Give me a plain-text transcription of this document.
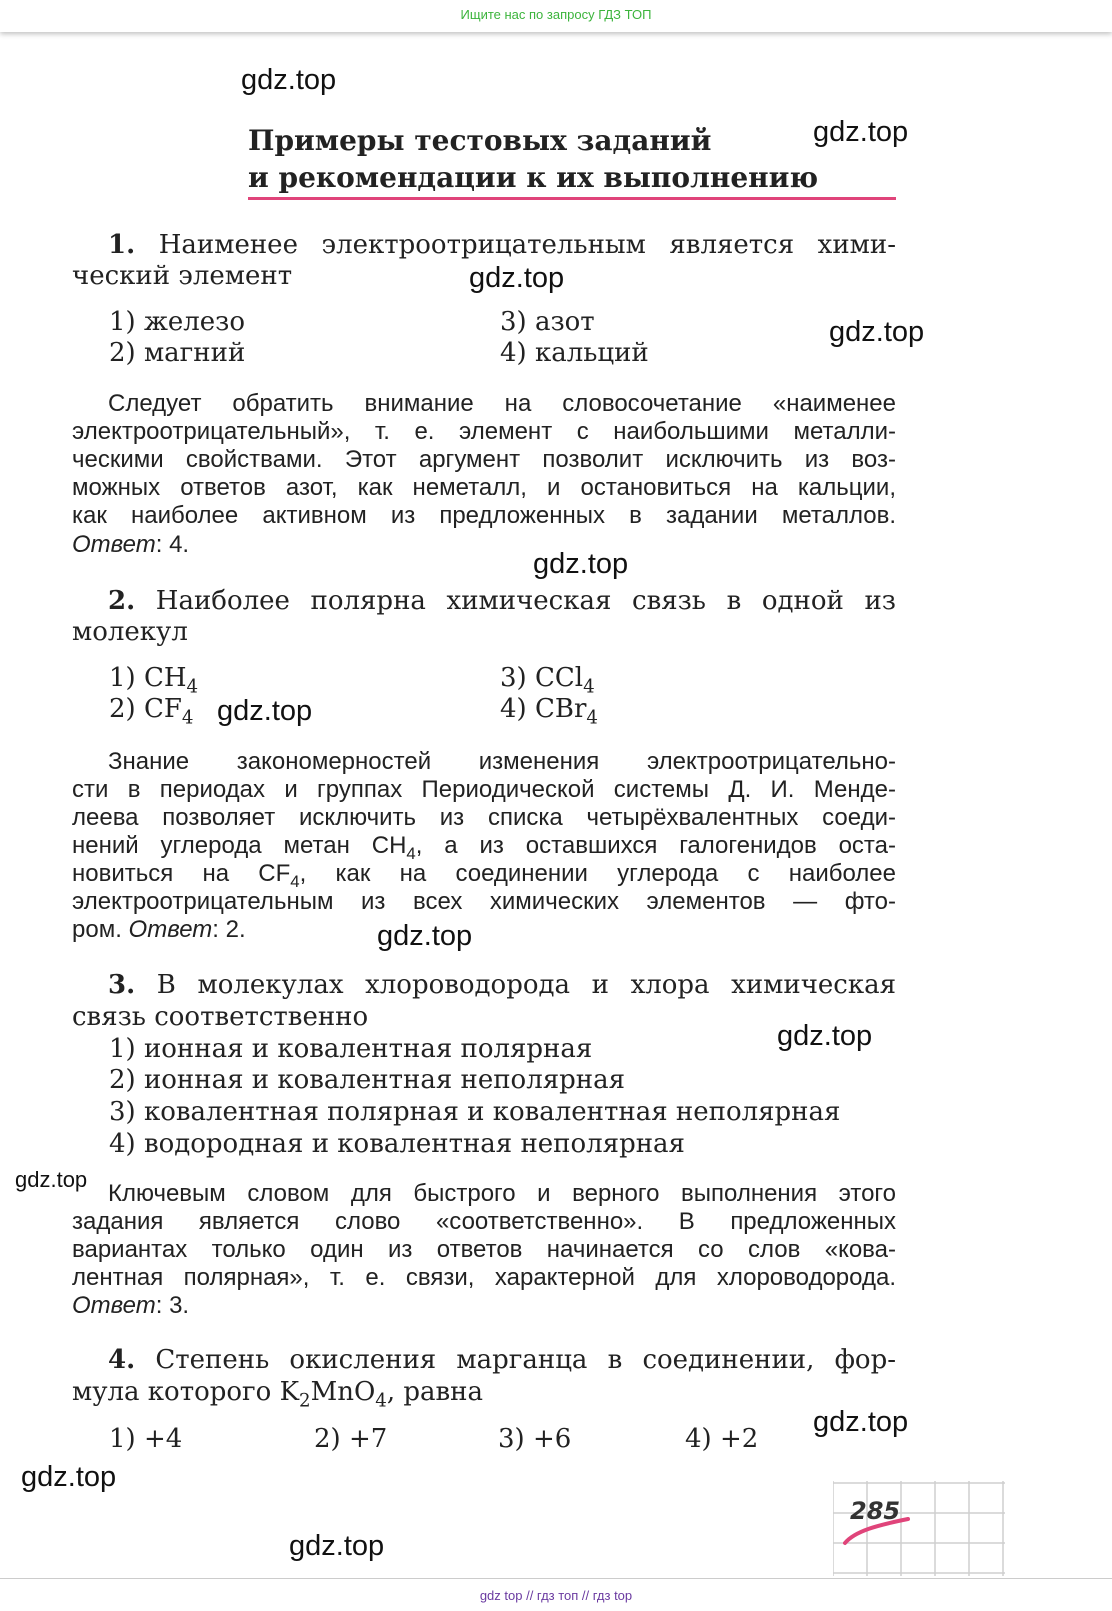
Ищите нас по запросу ГДЗ ТОП
gdz.top
gdz.top
gdz.top
gdz.top
gdz.top
gdz.top
gdz.top
gdz.top
gdz.top
gdz.top
gdz.top
gdz.top
Примеры тестовых заданий
и рекомендации к их выполнению
1. Наименее электроотрицательным является хими-
ческий элемент
1) железо
2) магний
3) азот
4) кальций
Следует обратить внимание на словосочетание «наименее
электроотрицательный», т. е. элемент с наибольшими металли-
ческими свойствами. Этот аргумент позволит исключить из воз-
можных ответов азот, как неметалл, и остановиться на кальции,
как наиболее активном из предложенных в задании металлов.
Ответ: 4.
2. Наиболее полярна химическая связь в одной из
молекул
1) $CH_4$
2) $CF_4$
3) CCl$_4$
4) CBr$_4$
Знание закономерностей изменения электроотрицательно-
сти в периодах и группах Периодической системы Д. И. Менде-
леева позволяет исключить из списка четырёхвалентных соеди-
нений углерода метан $CH_4$, а из оставшихся галогенидов оста-
новиться на $CF_4$, как на соединении углерода с наиболее
электроотрицательным из всех химических элементов — фто-
ром. Ответ: 2.
3. В молекулах хлороводорода и хлора химическая
связь соответственно
1) ионная и ковалентная полярная
2) ионная и ковалентная неполярная
3) ковалентная полярная и ковалентная неполярная
4) водородная и ковалентная неполярная
Ключевым словом для быстрого и верного выполнения этого
задания является слово «соответственно». В предложенных
вариантах только один из ответов начинается со слов «кова-
лентная полярная», т. е. связи, характерной для хлороводорода.
Ответ: 3.
4. Степень окисления марганца в соединении, фор-
мула которого $K_2MnO_4$, равна
1) +4	2) +7	3) +6	4) +2
285
gdz top // гдз топ // гдз top
